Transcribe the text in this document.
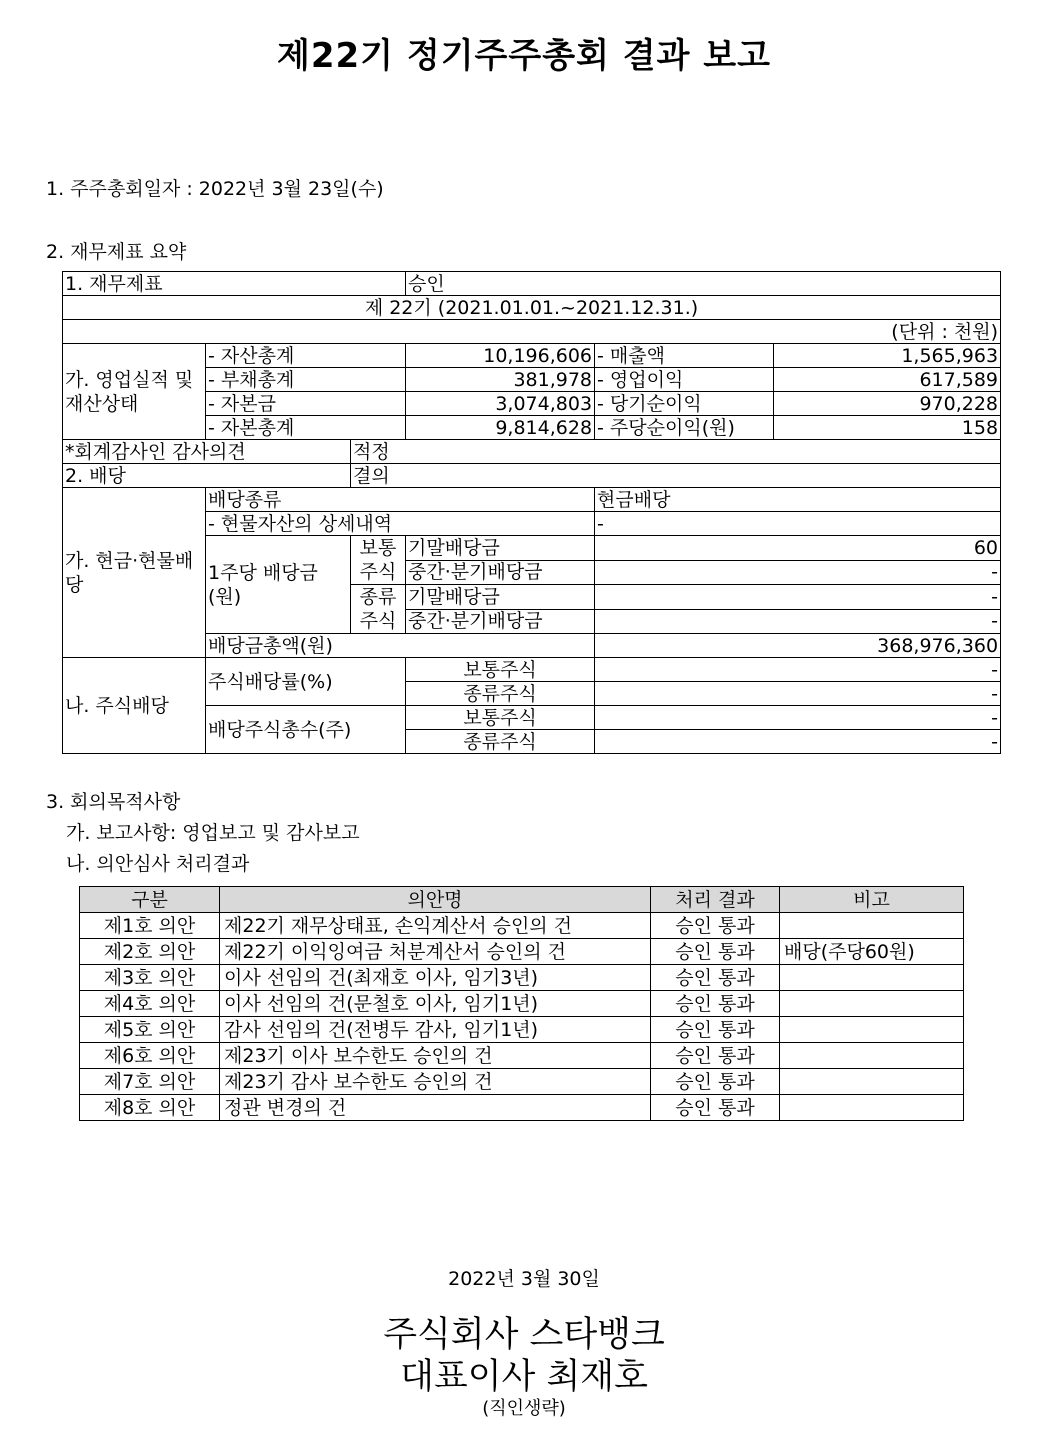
제22기 정기주주총회 결과 보고
1. 주주총회일자 : 2022년 3월 23일(수)
2. 재무제표 요약
1. 재무제표			승인		
제 22기 (2021.01.01.~2021.12.31.)					
(단위 : 천원)					
가. 영업실적 및 재산상태	- 자산총계		10,196,606	- 매출액	1,565,963
	- 부채총계		381,978	- 영업이익	617,589
	- 자본금		3,074,803	- 당기순이익	970,228
	- 자본총계		9,814,628	- 주당순이익(원)	158
*회계감사인 감사의견		적정			
2. 배당		결의			
가. 현금·현물배당	배당종류			현금배당	
	- 현물자산의 상세내역			-	
	1주당 배당금(원)	보통주식	기말배당금	60	
			중간·분기배당금	-	
		종류주식	기말배당금	-	
			중간·분기배당금	-	
	배당금총액(원)			368,976,360	
나. 주식배당	주식배당률(%)		보통주식	-	
			종류주식	-	
	배당주식총수(주)		보통주식	-	
			종류주식	-	
3. 회의목적사항
가. 보고사항: 영업보고 및 감사보고
나. 의안심사 처리결과
구분	의안명	처리 결과	비고
제1호 의안	제22기 재무상태표, 손익계산서 승인의 건	승인 통과	
제2호 의안	제22기 이익잉여금 처분계산서 승인의 건	승인 통과	배당(주당60원)
제3호 의안	이사 선임의 건(최재호 이사, 임기3년)	승인 통과	
제4호 의안	이사 선임의 건(문철호 이사, 임기1년)	승인 통과	
제5호 의안	감사 선임의 건(전병두 감사, 임기1년)	승인 통과	
제6호 의안	제23기 이사 보수한도 승인의 건	승인 통과	
제7호 의안	제23기 감사 보수한도 승인의 건	승인 통과	
제8호 의안	정관 변경의 건	승인 통과	
2022년 3월 30일
주식회사 스타뱅크
대표이사 최재호
(직인생략)
